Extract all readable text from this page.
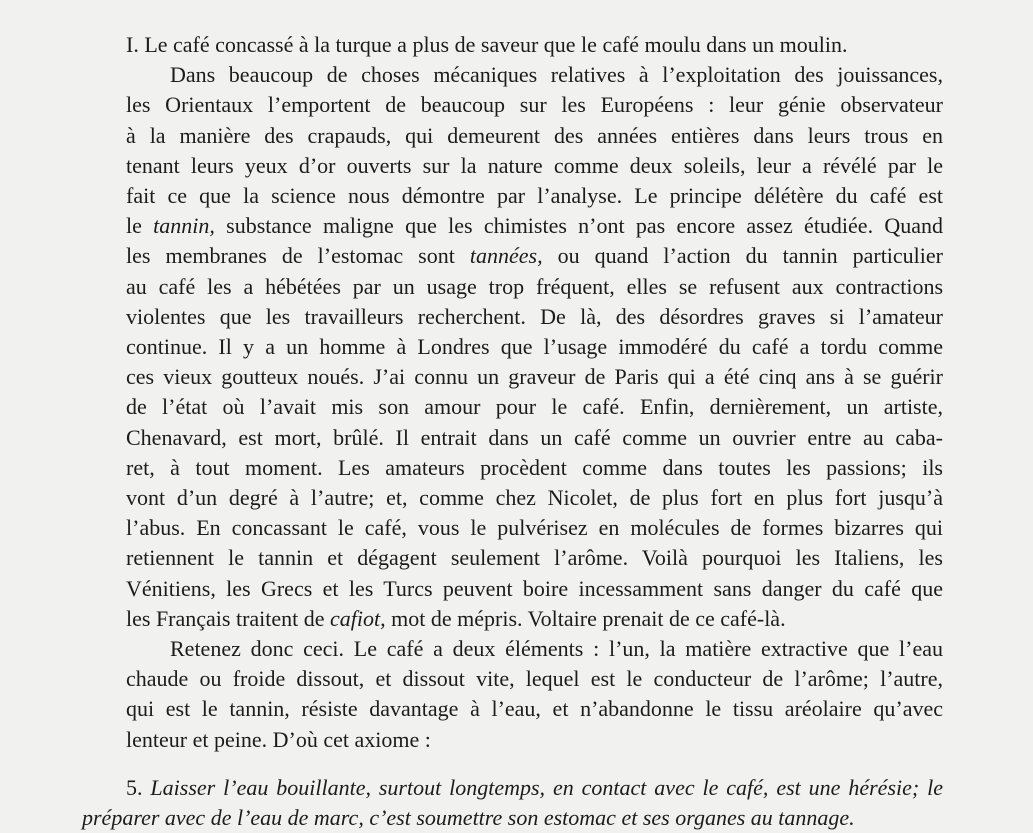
I. Le café concassé à la turque a plus de saveur que le café moulu dans un moulin.

Dans beaucoup de choses mécaniques relatives à l’exploitation des jouissances,
les Orientaux l’emportent de beaucoup sur les Européens : leur génie observateur
à la manière des crapauds, qui demeurent des années entières dans leurs trous en
tenant leurs yeux d’or ouverts sur la nature comme deux soleils, leur a révélé par le
fait ce que la science nous démontre par l’analyse. Le principe délétère du café est
le tannin, substance maligne que les chimistes n’ont pas encore assez étudiée. Quand
les membranes de l’estomac sont tannées, ou quand l’action du tannin particulier
au café les a hébétées par un usage trop fréquent, elles se refusent aux contractions
violentes que les travailleurs recherchent. De là, des désordres graves si l’amateur
continue. Il y a un homme à Londres que l’usage immodéré du café a tordu comme
ces vieux goutteux noués. J’ai connu un graveur de Paris qui a été cinq ans à se guérir
de l’état où l’avait mis son amour pour le café. Enfin, dernièrement, un artiste,
Chenavard, est mort, brûlé. Il entrait dans un café comme un ouvrier entre au caba-
ret, à tout moment. Les amateurs procèdent comme dans toutes les passions; ils
vont d’un degré à l’autre; et, comme chez Nicolet, de plus fort en plus fort jusqu’à
l’abus. En concassant le café, vous le pulvérisez en molécules de formes bizarres qui
retiennent le tannin et dégagent seulement l’arôme. Voilà pourquoi les Italiens, les
Vénitiens, les Grecs et les Turcs peuvent boire incessamment sans danger du café que
les Français traitent de cafiot, mot de mépris. Voltaire prenait de ce café-là.
Retenez donc ceci. Le café a deux éléments : l’un, la matière extractive que l’eau
chaude ou froide dissout, et dissout vite, lequel est le conducteur de l’arôme; l’autre,
qui est le tannin, résiste davantage à l’eau, et n’abandonne le tissu aréolaire qu’avec
lenteur et peine. D’où cet axiome :
5. Laisser l’eau bouillante, surtout longtemps, en contact avec le café, est une hérésie; le
préparer avec de l’eau de marc, c’est soumettre son estomac et ses organes au tannage.
